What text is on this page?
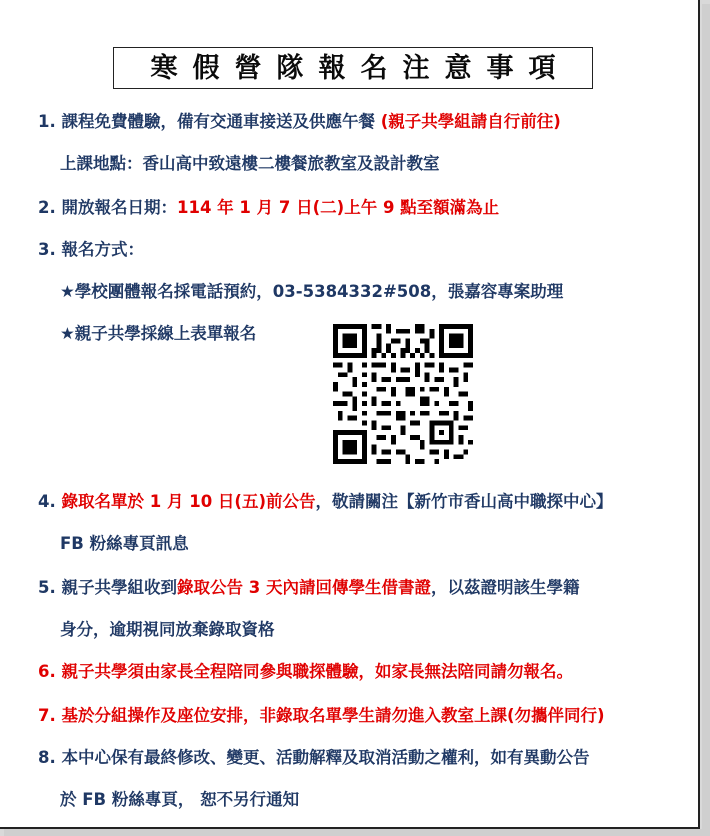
寒假營隊報名注意事項
1. 課程免費體驗，備有交通車接送及供應午餐 (親子共學組請自行前往)
上課地點：香山高中致遠樓二樓餐旅教室及設計教室
2. 開放報名日期：114 年 1 月 7 日(二)上午 9 點至額滿為止
3. 報名方式：
★學校團體報名採電話預約，03-5384332#508，張嘉容專案助理
★親子共學採線上表單報名
4. 錄取名單於 1 月 10 日(五)前公告，敬請關注【新竹市香山高中職探中心】
FB 粉絲專頁訊息
5. 親子共學組收到錄取公告 3 天內請回傳學生借書證，以茲證明該生學籍
身分，逾期視同放棄錄取資格
6. 親子共學須由家長全程陪同參與職探體驗，如家長無法陪同請勿報名。
7. 基於分組操作及座位安排，非錄取名單學生請勿進入教室上課(勿攜伴同行)
8. 本中心保有最終修改、變更、活動解釋及取消活動之權利，如有異動公告
於 FB 粉絲專頁， 恕不另行通知
